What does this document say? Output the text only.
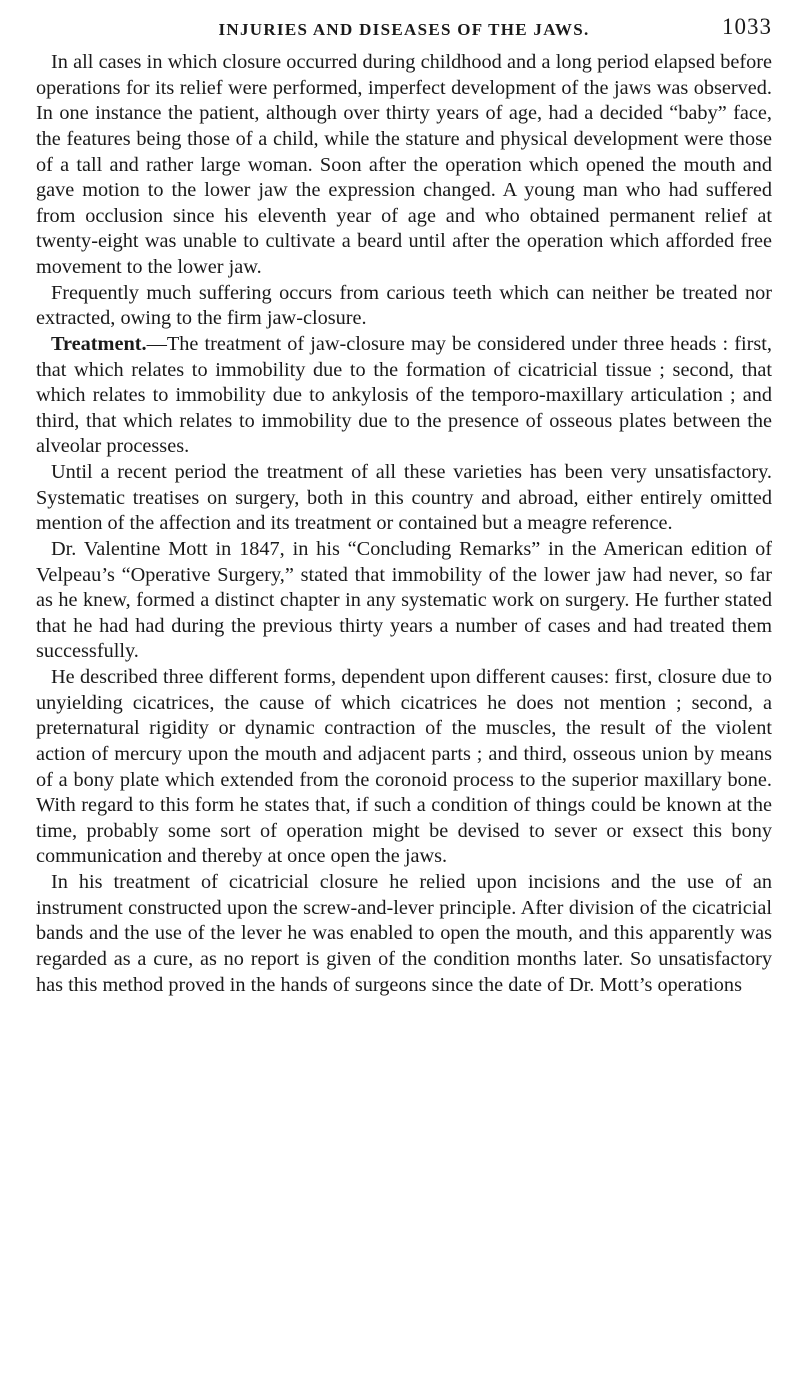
INJURIES AND DISEASES OF THE JAWS.	1033

In all cases in which closure occurred during childhood and a long period elapsed before operations for its relief were performed, imperfect development of the jaws was observed. In one instance the patient, although over thirty years of age, had a decided “baby” face, the features being those of a child, while the stature and physical development were those of a tall and rather large woman. Soon after the operation which opened the mouth and gave motion to the lower jaw the expression changed. A young man who had suffered from occlusion since his eleventh year of age and who obtained permanent relief at twenty-eight was unable to cultivate a beard until after the operation which afforded free movement to the lower jaw.

Frequently much suffering occurs from carious teeth which can neither be treated nor extracted, owing to the firm jaw-closure.

Treatment.—The treatment of jaw-closure may be considered under three heads : first, that which relates to immobility due to the formation of cicatricial tissue ; second, that which relates to immobility due to ankylosis of the temporo-maxillary articulation ; and third, that which relates to immobility due to the presence of osseous plates between the alveolar processes.

Until a recent period the treatment of all these varieties has been very unsatisfactory. Systematic treatises on surgery, both in this country and abroad, either entirely omitted mention of the affection and its treatment or contained but a meagre reference.

Dr. Valentine Mott in 1847, in his “Concluding Remarks” in the American edition of Velpeau’s “Operative Surgery,” stated that immobility of the lower jaw had never, so far as he knew, formed a distinct chapter in any systematic work on surgery. He further stated that he had had during the previous thirty years a number of cases and had treated them successfully.

He described three different forms, dependent upon different causes: first, closure due to unyielding cicatrices, the cause of which cicatrices he does not mention ; second, a preternatural rigidity or dynamic contraction of the muscles, the result of the violent action of mercury upon the mouth and adjacent parts ; and third, osseous union by means of a bony plate which extended from the coronoid process to the superior maxillary bone. With regard to this form he states that, if such a condition of things could be known at the time, probably some sort of operation might be devised to sever or exsect this bony communication and thereby at once open the jaws.

In his treatment of cicatricial closure he relied upon incisions and the use of an instrument constructed upon the screw-and-lever principle. After division of the cicatricial bands and the use of the lever he was enabled to open the mouth, and this apparently was regarded as a cure, as no report is given of the condition months later. So unsatisfactory has this method proved in the hands of surgeons since the date of Dr. Mott’s operations
